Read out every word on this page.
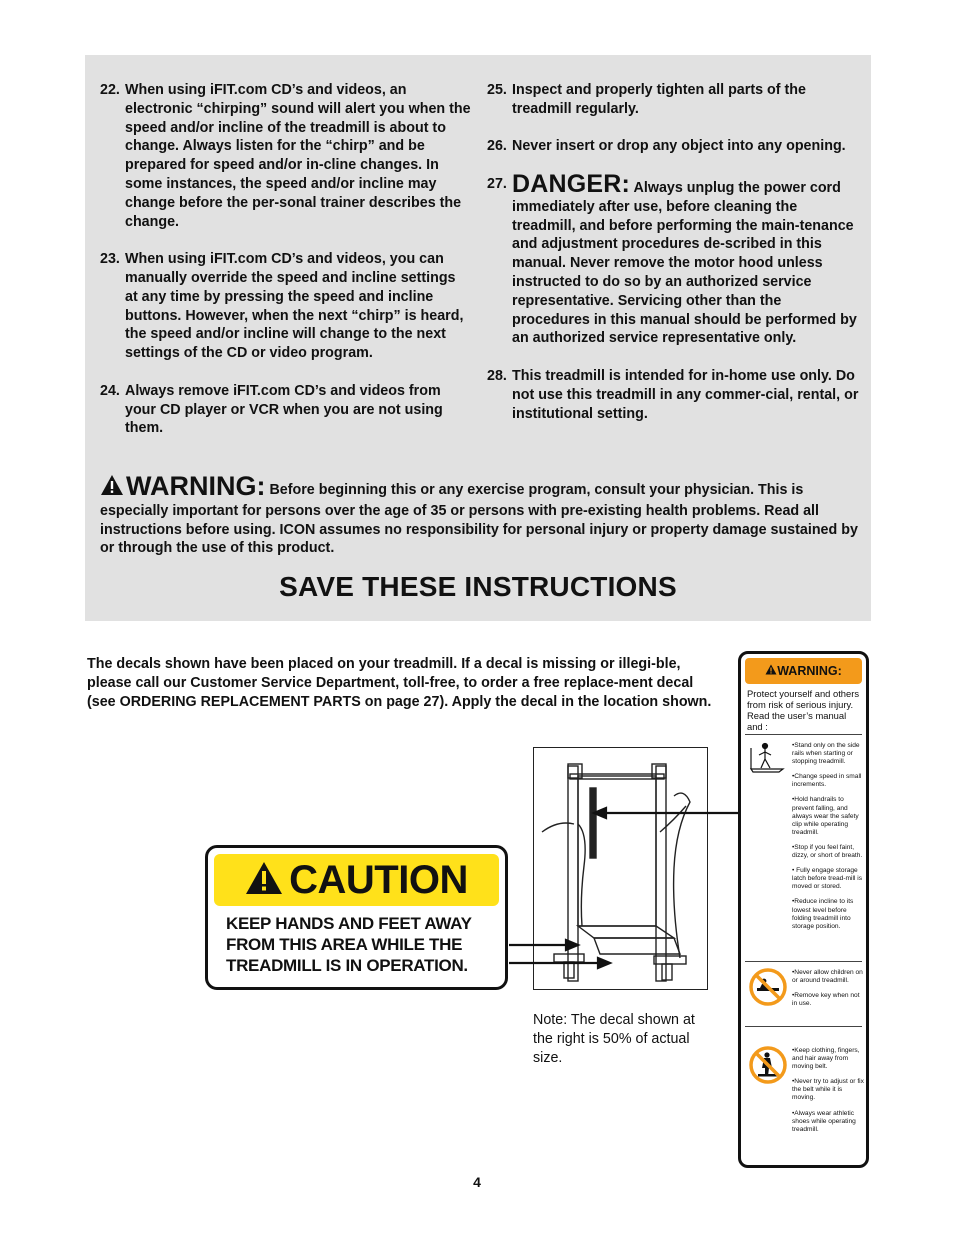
22. When using iFIT.com CD’s and videos, an electronic “chirping” sound will alert you when the speed and/or incline of the treadmill is about to change. Always listen for the “chirp” and be prepared for speed and/or in-cline changes. In some instances, the speed and/or incline may change before the per-sonal trainer describes the change.
23. When using iFIT.com CD’s and videos, you can manually override the speed and incline settings at any time by pressing the speed and incline buttons. However, when the next “chirp” is heard, the speed and/or incline will change to the next settings of the CD or video program.
24. Always remove iFIT.com CD’s and videos from your CD player or VCR when you are not using them.
25. Inspect and properly tighten all parts of the treadmill regularly.
26. Never insert or drop any object into any opening.
27. DANGER: Always unplug the power cord immediately after use, before cleaning the treadmill, and before performing the main-tenance and adjustment procedures de-scribed in this manual. Never remove the motor hood unless instructed to do so by an authorized service representative. Servicing other than the procedures in this manual should be performed by an authorized service representative only.
28. This treadmill is intended for in-home use only. Do not use this treadmill in any commer-cial, rental, or institutional setting.
WARNING: Before beginning this or any exercise program, consult your physician. This is especially important for persons over the age of 35 or persons with pre-existing health problems. Read all instructions before using. ICON assumes no responsibility for personal injury or property damage sustained by or through the use of this product.
SAVE THESE INSTRUCTIONS
The decals shown have been placed on your treadmill. If a decal is missing or illegi-ble, please call our Customer Service Department, toll-free, to order a free replace-ment decal (see ORDERING REPLACEMENT PARTS on page 27). Apply the decal in the location shown.
CAUTION
KEEP HANDS AND FEET AWAY FROM THIS AREA WHILE THE TREADMILL IS IN OPERATION.
Note: The decal shown at the right is 50% of actual size.
WARNING:
Protect yourself and others from risk of serious injury. Read the user’s manual and :
•Stand only on the side rails when starting or stopping treadmill.
•Change speed in small increments.
•Hold handrails to prevent falling, and always wear the safety clip while operating treadmill.
•Stop if you feel faint, dizzy, or short of breath.
• Fully engage storage latch before tread-mill is moved or stored.
•Reduce incline to its lowest level before folding treadmill into storage position.
•Never allow children on or around treadmill.
•Remove key when not in use.
•Keep clothing, fingers, and hair away from moving belt.
•Never try to adjust or fix the belt while it is moving.
•Always wear athletic shoes while operating treadmill.
4
